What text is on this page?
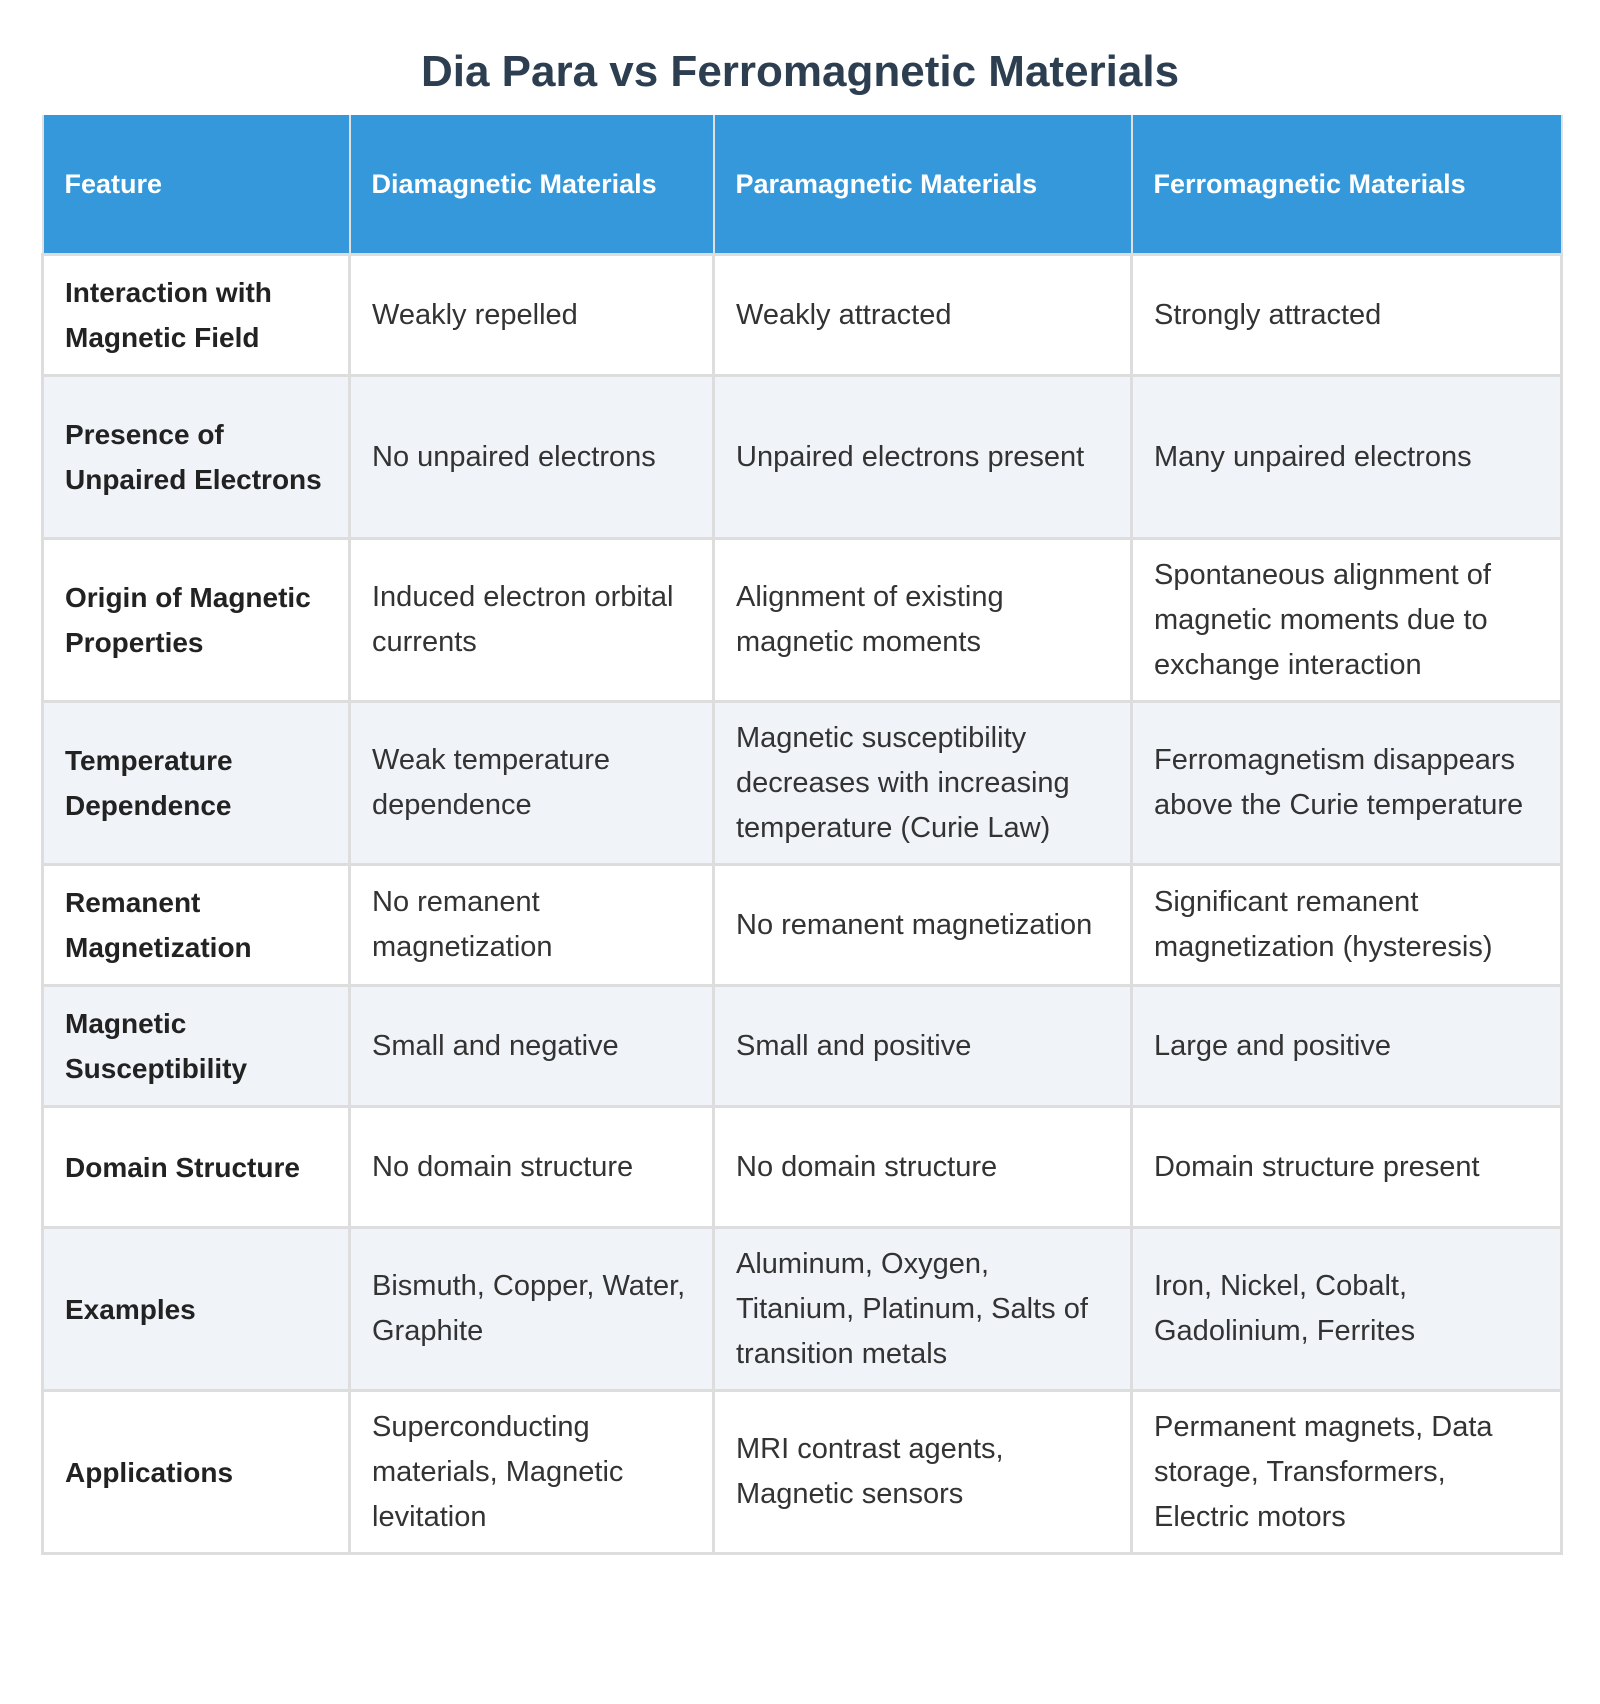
Dia Para vs Ferromagnetic Materials
Feature	Diamagnetic Materials	Paramagnetic Materials	Ferromagnetic Materials
Interaction with Magnetic Field	Weakly repelled	Weakly attracted	Strongly attracted
Presence of Unpaired Electrons	No unpaired electrons	Unpaired electrons present	Many unpaired electrons
Origin of Magnetic Properties	Induced electron orbital currents	Alignment of existing magnetic moments	Spontaneous alignment of magnetic moments due to exchange interaction
Temperature Dependence	Weak temperature dependence	Magnetic susceptibility decreases with increasing temperature (Curie Law)	Ferromagnetism disappears above the Curie temperature
Remanent Magnetization	No remanent magnetization	No remanent magnetization	Significant remanent magnetization (hysteresis)
Magnetic Susceptibility	Small and negative	Small and positive	Large and positive
Domain Structure	No domain structure	No domain structure	Domain structure present
Examples	Bismuth, Copper, Water, Graphite	Aluminum, Oxygen, Titanium, Platinum, Salts of transition metals	Iron, Nickel, Cobalt, Gadolinium, Ferrites
Applications	Superconducting materials, Magnetic levitation	MRI contrast agents, Magnetic sensors	Permanent magnets, Data storage, Transformers, Electric motors
